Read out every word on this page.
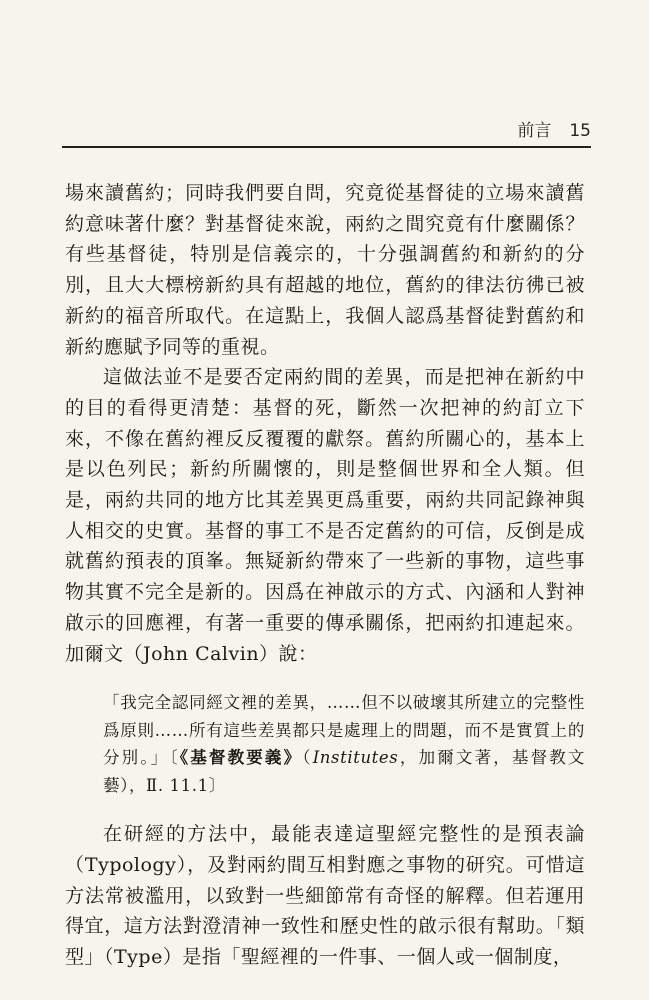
前言 15

場來讀舊約；同時我們要自問，究竟從基督徒的立場來讀舊約意味著什麼？對基督徒來說，兩約之間究竟有什麼關係？有些基督徒，特別是信義宗的，十分强調舊約和新約的分別，且大大標榜新約具有超越的地位，舊約的律法彷彿已被新約的福音所取代。在這點上，我個人認爲基督徒對舊約和新約應賦予同等的重視。

這做法並不是要否定兩約間的差異，而是把神在新約中的目的看得更清楚：基督的死，斷然一次把神的約訂立下來，不像在舊約裡反反覆覆的獻祭。舊約所關心的，基本上是以色列民；新約所關懷的，則是整個世界和全人類。但是，兩約共同的地方比其差異更爲重要，兩約共同記錄神與人相交的史實。基督的事工不是否定舊約的可信，反倒是成就舊約預表的頂峯。無疑新約帶來了一些新的事物，這些事物其實不完全是新的。因爲在神啟示的方式、內涵和人對神啟示的回應裡，有著一重要的傳承關係，把兩約扣連起來。加爾文（John Calvin）說：

「我完全認同經文裡的差異，……但不以破壞其所建立的完整性爲原則……所有這些差異都只是處理上的問題，而不是實質上的分別。」〔《基督教要義》（Institutes，加爾文著，基督教文藝），Ⅱ. 11.1〕

在研經的方法中，最能表達這聖經完整性的是預表論（Typology），及對兩約間互相對應之事物的研究。可惜這方法常被濫用，以致對一些細節常有奇怪的解釋。但若運用得宜，這方法對澄清神一致性和歷史性的啟示很有幫助。「類型」（Type）是指「聖經裡的一件事、一個人或一個制度，
